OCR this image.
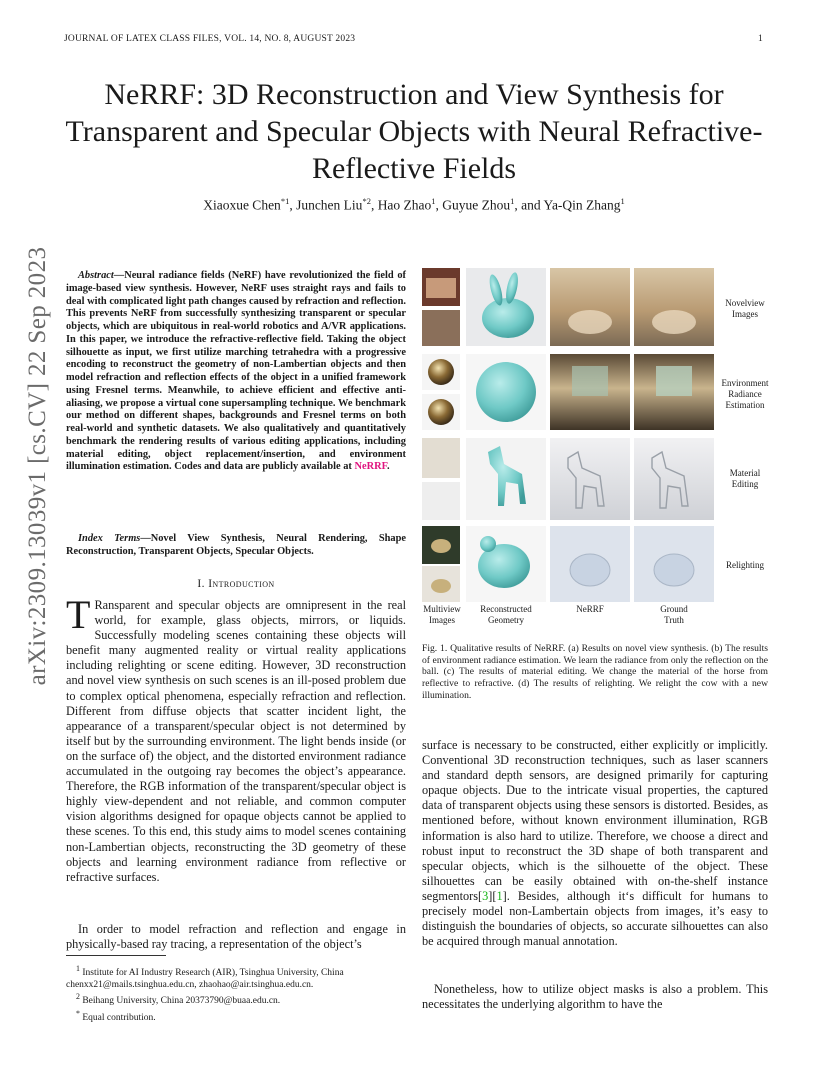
JOURNAL OF LATEX CLASS FILES, VOL. 14, NO. 8, AUGUST 2023	1
NeRRF: 3D Reconstruction and View Synthesis for Transparent and Specular Objects with Neural Refractive-Reflective Fields
Xiaoxue Chen$^{*1}$, Junchen Liu$^{*2}$, Hao Zhao$^1$, Guyue Zhou$^1$, and Ya-Qin Zhang$^1$
arXiv:2309.13039v1 [cs.CV] 22 Sep 2023	Abstract—Neural radiance fields (NeRF) have revolutionized the field of image-based view synthesis. However, NeRF uses straight rays and fails to deal with complicated light path changes caused by refraction and reflection. This prevents NeRF from successfully synthesizing transparent or specular objects, which are ubiquitous in real-world robotics and A/VR applications. In this paper, we introduce the refractive-reflective field. Taking the object silhouette as input, we first utilize marching tetrahedra with a progressive encoding to reconstruct the geometry of non-Lambertian objects and then model refraction and reflection effects of the object in a unified framework using Fresnel terms. Meanwhile, to achieve efficient and effective anti-aliasing, we propose a virtual cone supersampling technique. We benchmark our method on different shapes, backgrounds and Fresnel terms on both real-world and synthetic datasets. We also qualitatively and quantitatively benchmark the rendering results of various editing applications, including material editing, object replacement/insertion, and environment illumination estimation. Codes and data are publicly available at NeRRF.
Index Terms—Novel View Synthesis, Neural Rendering, Shape Reconstruction, Transparent Objects, Specular Objects.
I. Introduction
T Ransparent and specular objects are omnipresent in the real world, for example, glass objects, mirrors, or liquids. Successfully modeling scenes containing these objects will benefit many augmented reality or virtual reality applications including relighting or scene editing. However, 3D reconstruction and novel view synthesis on such scenes is an ill-posed problem due to complex optical phenomena, especially refraction and reflection. Different from diffuse objects that scatter incident light, the appearance of a transparent/specular object is not determined by itself but by the surrounding environment. The light bends inside (or on the surface of) the object, and the distorted environment radiance accumulated in the outgoing ray becomes the object’s appearance. Therefore, the RGB information of the transparent/specular object is highly view-dependent and not reliable, and common computer vision algorithms designed for opaque objects cannot be applied to these scenes. To this end, this study aims to model scenes containing non-Lambertian objects, reconstructing the 3D geometry of these objects and learning environment radiance from reflective or refractive surfaces.
In order to model refraction and reflection and engage in physically-based ray tracing, a representation of the object’s

$^1$ Institute for AI Industry Research (AIR), Tsinghua University, China chenxx21@mails.tsinghua.edu.cn, zhaohao@air.tsinghua.edu.cn.

$^2$ Beihang University, China 20373790@buaa.edu.cn.

* Equal contribution.

Novelview
Images
Environment
Radiance
Estimation
Material
Editing
Relighting
Multiview
Images
Reconstructed
Geometry
NeRRF	Ground
Truth
Fig. 1. Qualitative results of NeRRF. (a) Results on novel view synthesis. (b) The results of environment radiance estimation. We learn the radiance from only the reflection on the ball. (c) The results of material editing. We change the material of the horse from reflective to refractive. (d) The results of relighting. We relight the cow with a new illumination.
surface is necessary to be constructed, either explicitly or implicitly. Conventional 3D reconstruction techniques, such as laser scanners and standard depth sensors, are designed primarily for capturing opaque objects. Due to the intricate visual properties, the captured data of transparent objects using these sensors is distorted. Besides, as mentioned before, without known environment illumination, RGB information is also hard to utilize. Therefore, we choose a direct and robust input to reconstruct the 3D shape of both transparent and specular objects, which is the silhouette of the object. These silhouettes can be easily obtained with on-the-shelf instance segmentors[3][1]. Besides, although it‘s difficult for humans to precisely model non-Lambertain objects from images, it’s easy to distinguish the boundaries of objects, so accurate silhouettes can also be acquired through manual annotation.
Nonetheless, how to utilize object masks is also a problem. This necessitates the underlying algorithm to have the
